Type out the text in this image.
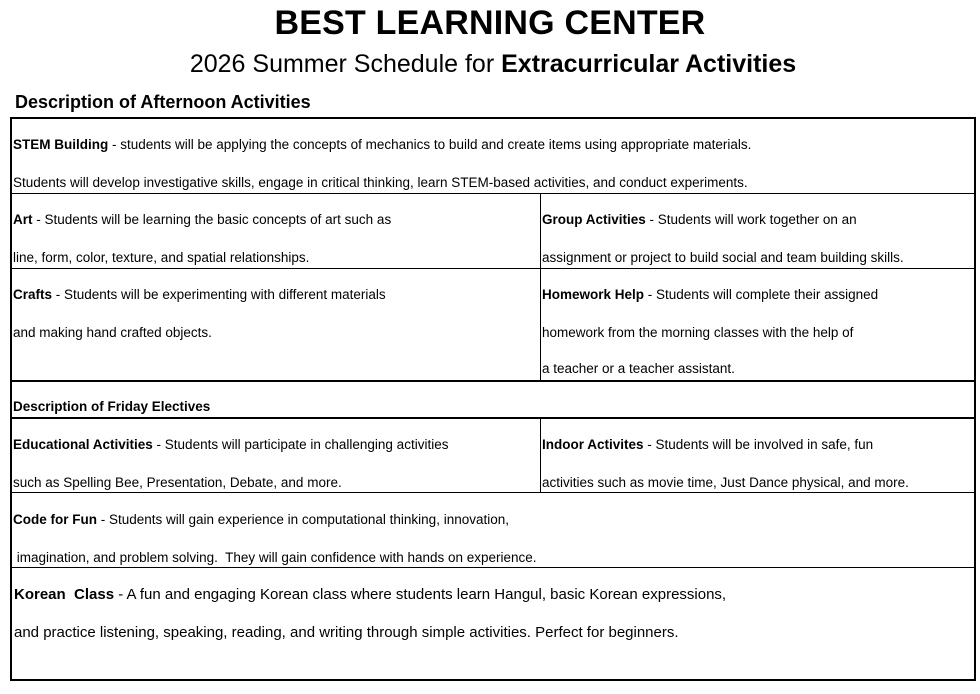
BEST LEARNING CENTER
2026 Summer Schedule for Extracurricular Activities
Description of Afternoon Activities
STEM Building - students will be applying the concepts of mechanics to build and create items using appropriate materials.
Students will develop investigative skills, engage in critical thinking, learn STEM-based activities, and conduct experiments.
Art - Students will be learning the basic concepts of art such as
line, form, color, texture, and spatial relationships.
Group Activities - Students will work together on an
assignment or project to build social and team building skills.
Crafts - Students will be experimenting with different materials
and making hand crafted objects.
Homework Help - Students will complete their assigned
homework from the morning classes with the help of
a teacher or a teacher assistant.
Description of Friday Electives
Educational Activities - Students will participate in challenging activities
such as Spelling Bee, Presentation, Debate, and more.
Indoor Activites - Students will be involved in safe, fun
activities such as movie time, Just Dance physical, and more.
Code for Fun - Students will gain experience in computational thinking, innovation,
imagination, and problem solving.  They will gain confidence with hands on experience.
Korean  Class - A fun and engaging Korean class where students learn Hangul, basic Korean expressions,
and practice listening, speaking, reading, and writing through simple activities. Perfect for beginners.
